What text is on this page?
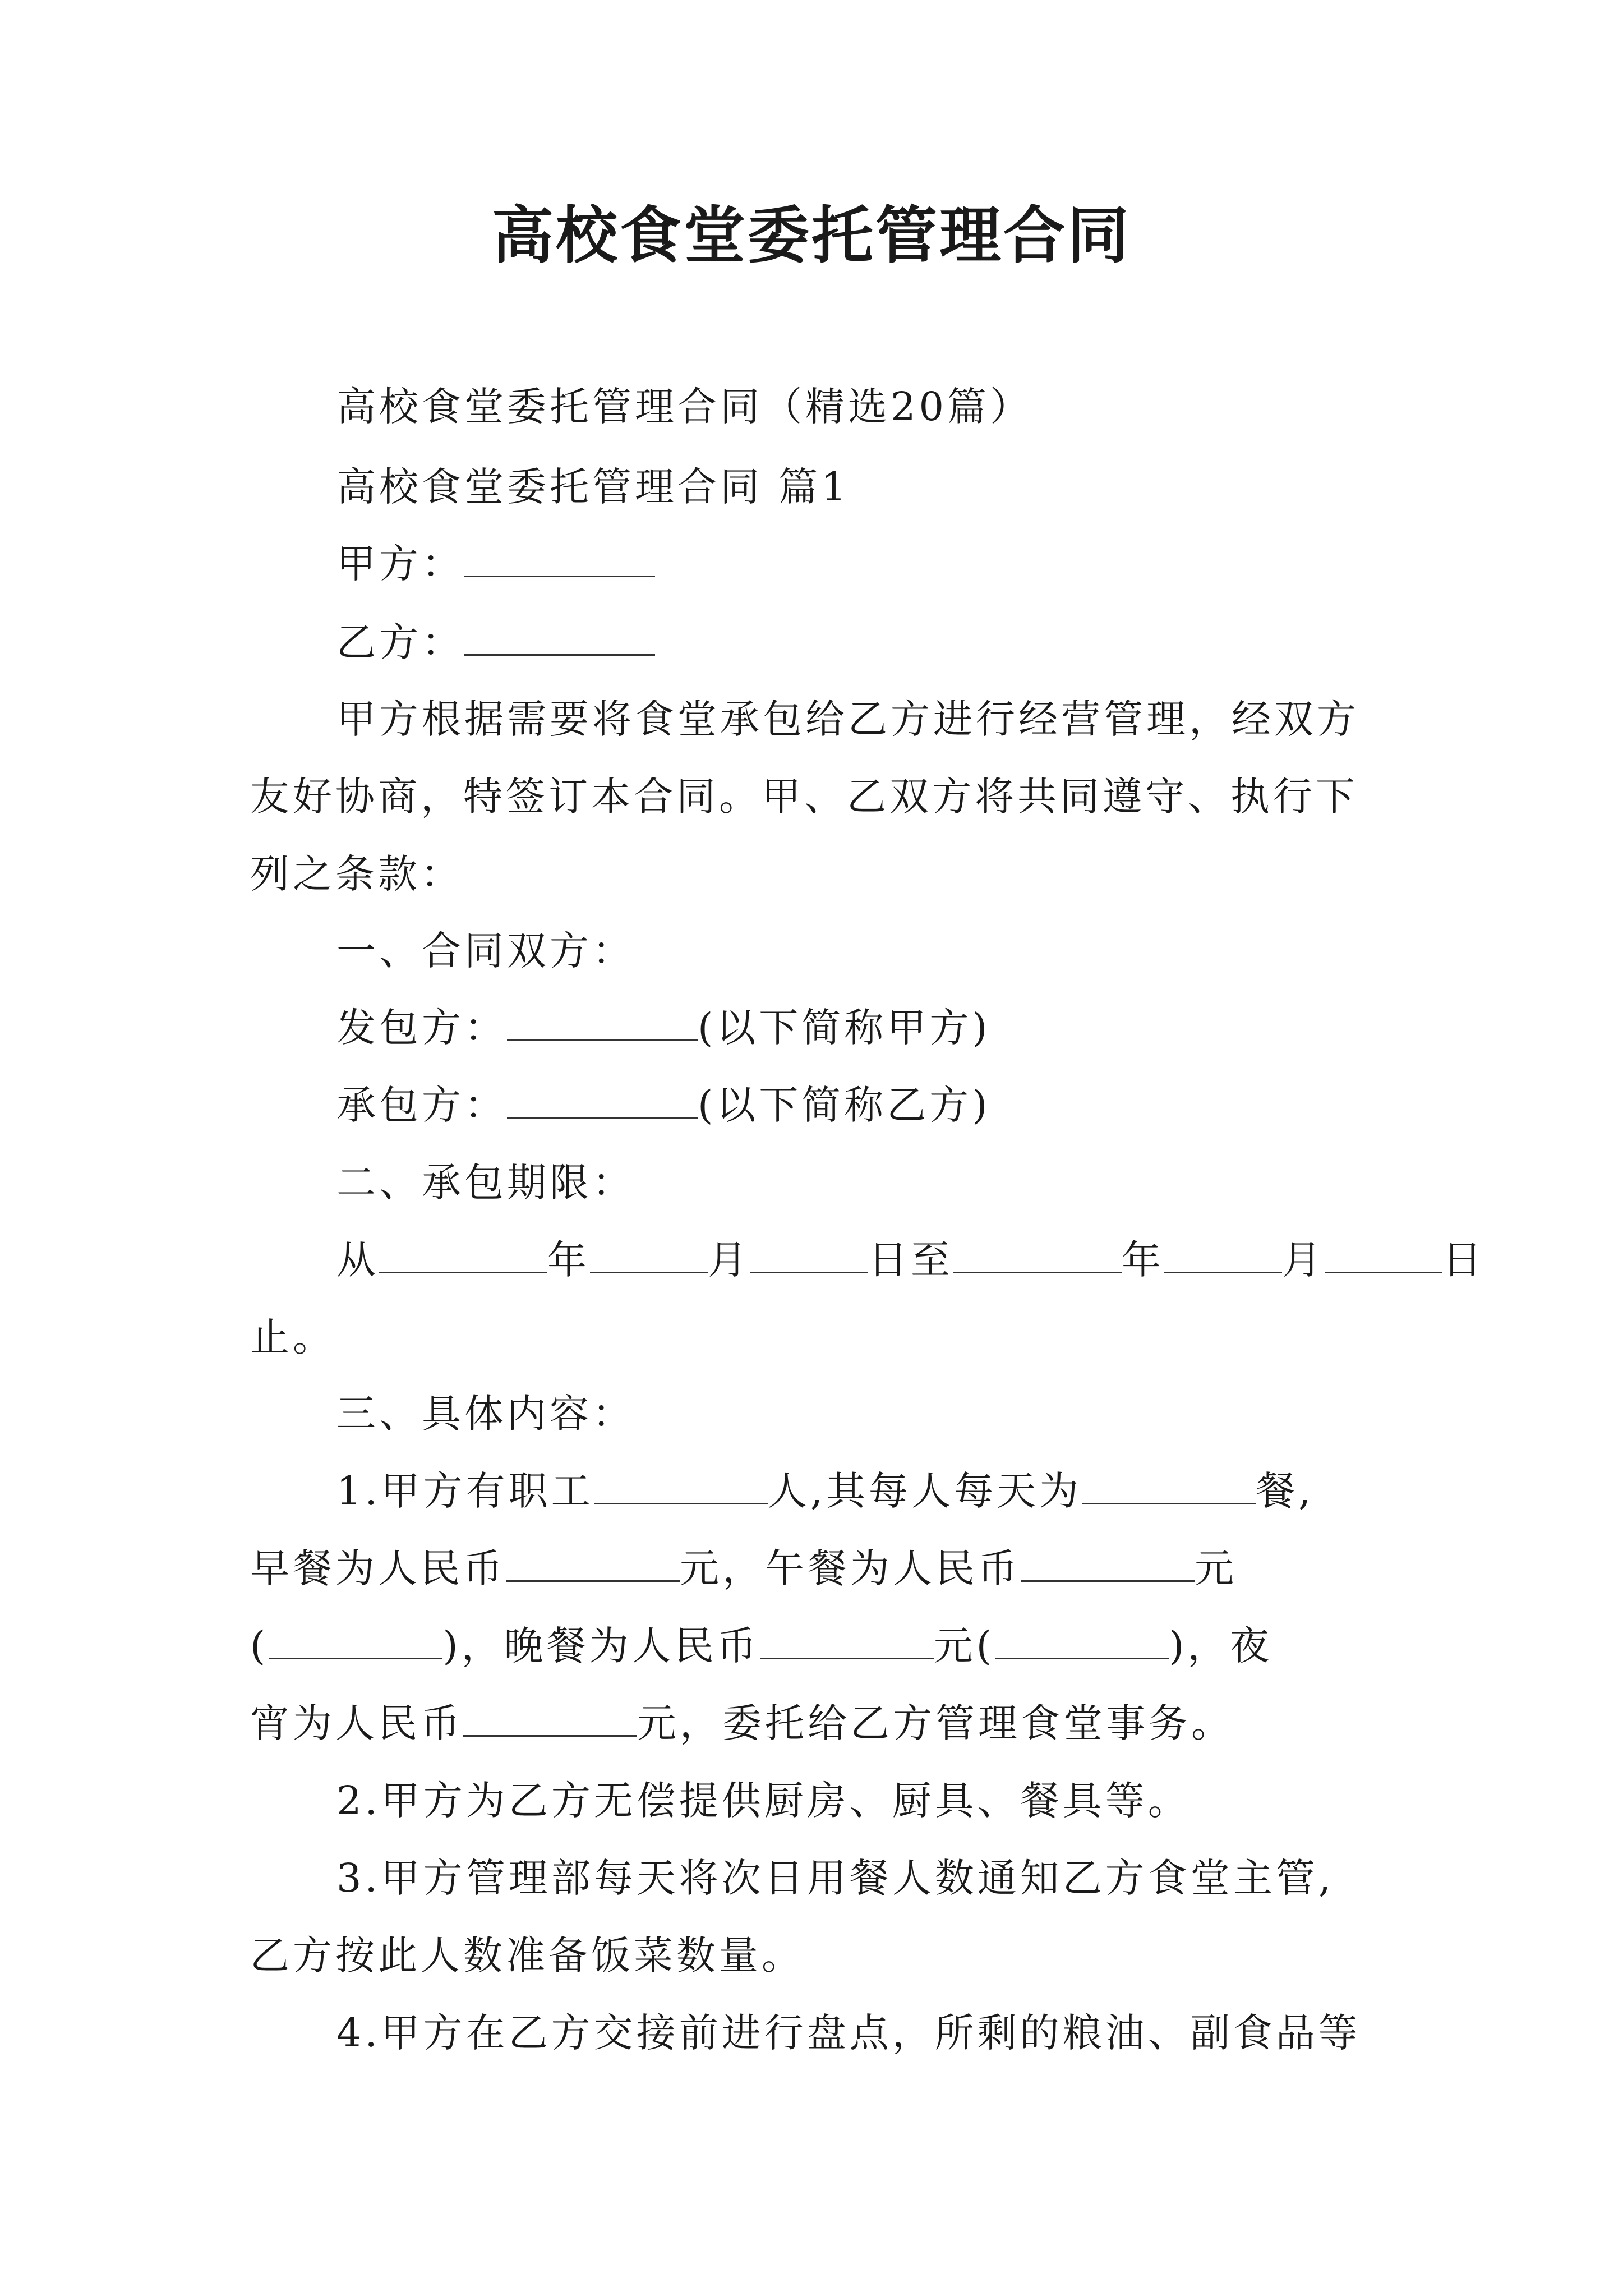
高校食堂委托管理合同
高校食堂委托管理合同（精选20篇）
高校食堂委托管理合同 篇1
甲方：
乙方：
甲方根据需要将食堂承包给乙方进行经营管理，经双方
友好协商，特签订本合同。甲、乙双方将共同遵守、执行下
列之条款：
一、合同双方：
发包方：	(以下简称甲方)
承包方：	(以下简称乙方)
二、承包期限：
从	年	月	日至	年	月	日
止。
三、具体内容：
1.甲方有职工	人,其每人每天为	餐,
早餐为人民币	元，午餐为人民币	元
(	)，晚餐为人民币	元(	)，夜
宵为人民币	元，委托给乙方管理食堂事务。
2.甲方为乙方无偿提供厨房、厨具、餐具等。
3.甲方管理部每天将次日用餐人数通知乙方食堂主管,
乙方按此人数准备饭菜数量。
4.甲方在乙方交接前进行盘点，所剩的粮油、副食品等
